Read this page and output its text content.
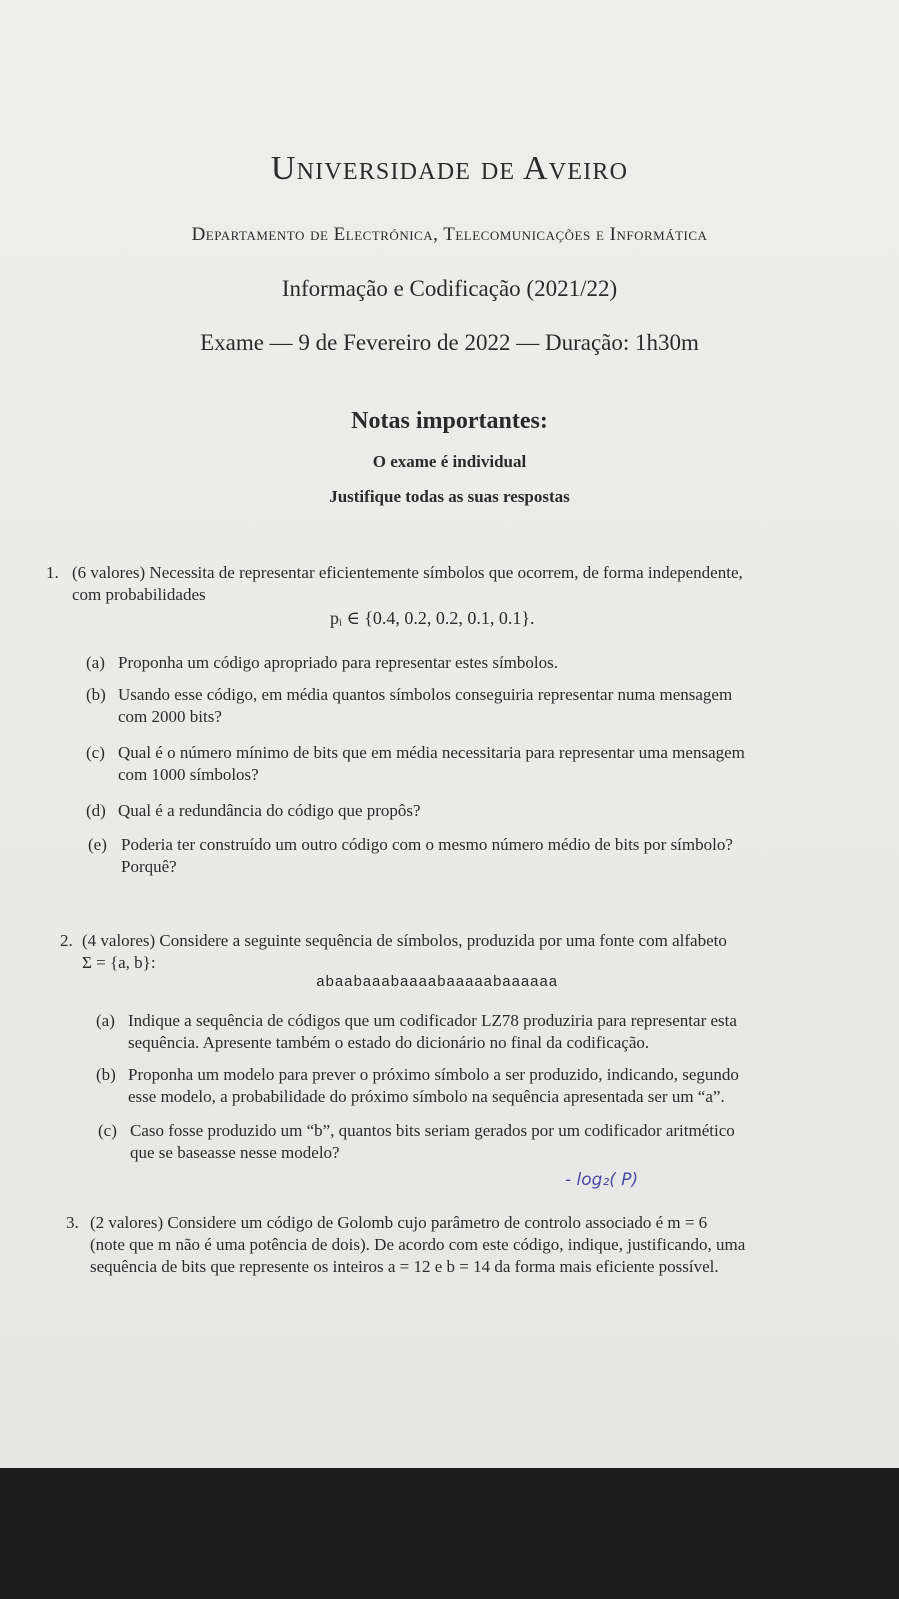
Universidade de Aveiro
Departamento de Electrónica, Telecomunicações e Informática
Informação e Codificação (2021/22)
Exame — 9 de Fevereiro de 2022 — Duração: 1h30m
Notas importantes:
O exame é individual
Justifique todas as suas respostas
1. (6 valores) Necessita de representar eficientemente símbolos que ocorrem, de forma independente,
com probabilidades
pᵢ ∈ {0.4, 0.2, 0.2, 0.1, 0.1}.
(a) Proponha um código apropriado para representar estes símbolos.
(b) Usando esse código, em média quantos símbolos conseguiria representar numa mensagem
com 2000 bits?
(c) Qual é o número mínimo de bits que em média necessitaria para representar uma mensagem
com 1000 símbolos?
(d) Qual é a redundância do código que propôs?
(e) Poderia ter construído um outro código com o mesmo número médio de bits por símbolo?
Porquê?
2. (4 valores) Considere a seguinte sequência de símbolos, produzida por uma fonte com alfabeto
Σ = {a, b}:
abaabaaabaaaabaaaaabaaaaaa
(a) Indique a sequência de códigos que um codificador LZ78 produziria para representar esta
sequência. Apresente também o estado do dicionário no final da codificação.
(b) Proponha um modelo para prever o próximo símbolo a ser produzido, indicando, segundo
esse modelo, a probabilidade do próximo símbolo na sequência apresentada ser um “a”.
(c) Caso fosse produzido um “b”, quantos bits seriam gerados por um codificador aritmético
que se baseasse nesse modelo?
- log₂( P)
3. (2 valores) Considere um código de Golomb cujo parâmetro de controlo associado é m = 6
(note que m não é uma potência de dois). De acordo com este código, indique, justificando, uma
sequência de bits que represente os inteiros a = 12 e b = 14 da forma mais eficiente possível.
